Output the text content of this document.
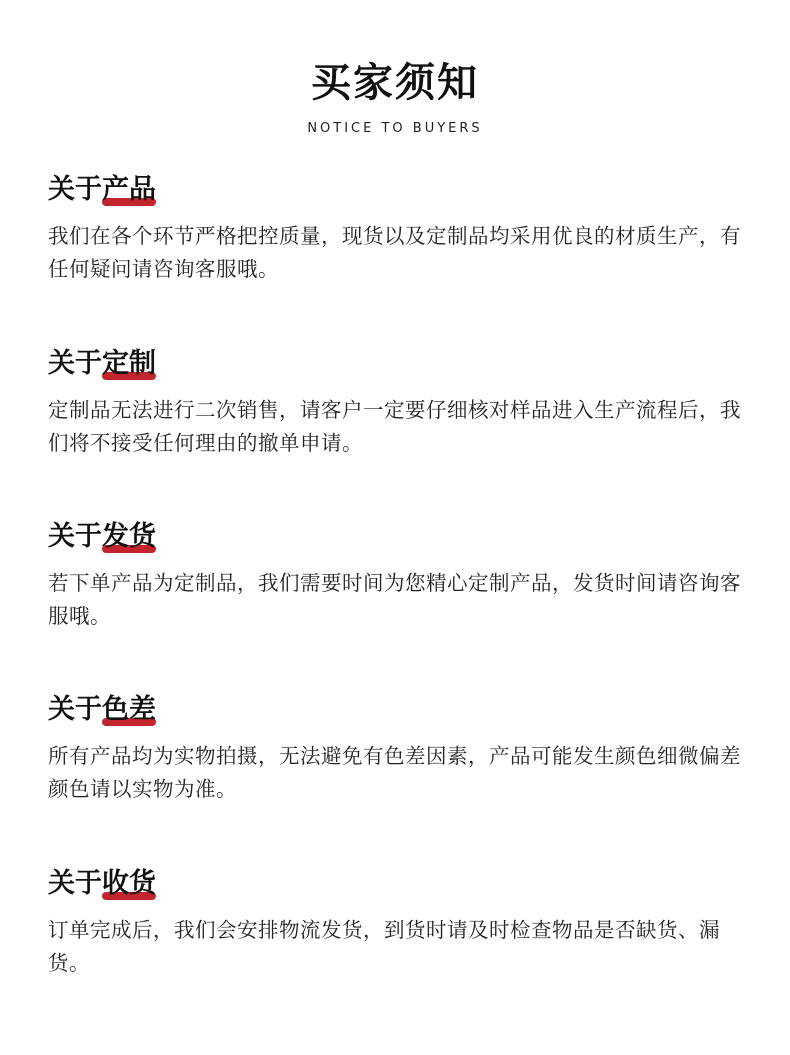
买家须知
NOTICE TO BUYERS
关于
产品
我们在各个环节严格把控质量，现货以及定制品均采用优良的材质生产，有任何疑问请咨询客服哦。
关于
定制
定制品无法进行二次销售，请客户一定要仔细核对样品进入生产流程后，我们将不接受任何理由的撤单申请。
关于
发货
若下单产品为定制品，我们需要时间为您精心定制产品，发货时间请咨询客服哦。
关于
色差
所有产品均为实物拍摄，无法避免有色差因素，产品可能发生颜色细微偏差颜色请以实物为准。
关于
收货
订单完成后，我们会安排物流发货，到货时请及时检查物品是否缺货、漏货。
